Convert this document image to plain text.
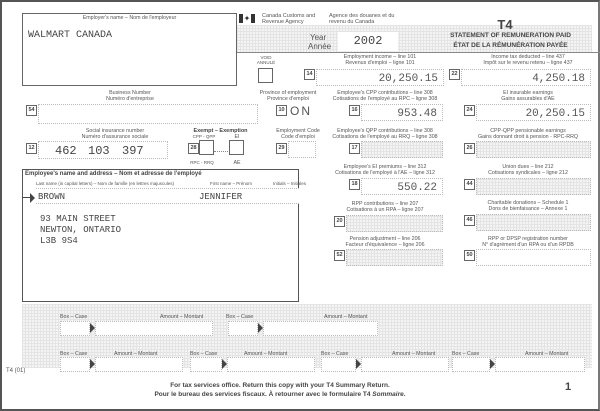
Employer's name – Nom de l'employeur
WALMART CANADA
✦ Canada Customs and Revenue Agency
Agence des douanes et du revenu du Canada	T4
STATEMENT OF REMUNERATION PAID
ÉTAT DE LA RÉMUNÉRATION PAYÉE
Year
Année	2002
VOID
ANNULÉ
Employment income – line 101
Revenus d'emploi – ligne 101
14	20,250.15
Income tax deducted – line 437
Impôt sur le revenu retenu – ligne 437
22	4,250.18
Business Number
Numéro d'entreprise
54
Province of employment
Province d'emploi
10 ON
Employee's CPP contributions – line 308
Cotisations de l'employé au RPC – ligne 308
16	953.48
EI insurable earnings
Gains assurables d'AE
24	20,250.15
Social insurance number
Numéro d'assurance sociale
12 462 103 397
Exempt – Exemption
CPP - QPP	EI
28
RPC - RRQ	AE
Employment Code
Code d'emploi
29
Employee's QPP contributions – line 308
Cotisations de l'employé au RRQ – ligne 308
17
CPP-QPP pensionable earnings
Gains donnant droit à pension - RPC-RRQ
26
Employee's name and address – Nom et adresse de l'employé
Last name (in capital letters) – Nom de famille (en lettres majuscules)	First name – Prénom	Initials – Initiales
BROWN	JENNIFER
93 MAIN STREET
NEWTON, ONTARIO
L3B 9S4
Employee's EI premiums – line 312
Cotisations de l'employé à l'AE – ligne 312
18	550.22
Union dues – line 212
Cotisations syndicales – ligne 212
44
RPP contributions – line 207
Cotisations à un RPA – ligne 207
20
Charitable donations – Schedule 1
Dons de bienfaisance – Annexe 1
46
Pension adjustment – line 206
Facteur d'équivalence – ligne 206
52
RPP or DPSP registration number
N° d'agrément d'un RPA ou d'un RPDB
50
Box – Case	Amount – Montant	Box – Case	Amount – Montant
Box – Case	Amount – Montant	Box – Case	Amount – Montant	Box – Case	Amount – Montant	Box – Case	Amount – Montant
T4 (01)
For tax services office. Return this copy with your T4 Summary Return.
Pour le bureau des services fiscaux. À retourner avec le formulaire T4 Sommaire.
1
